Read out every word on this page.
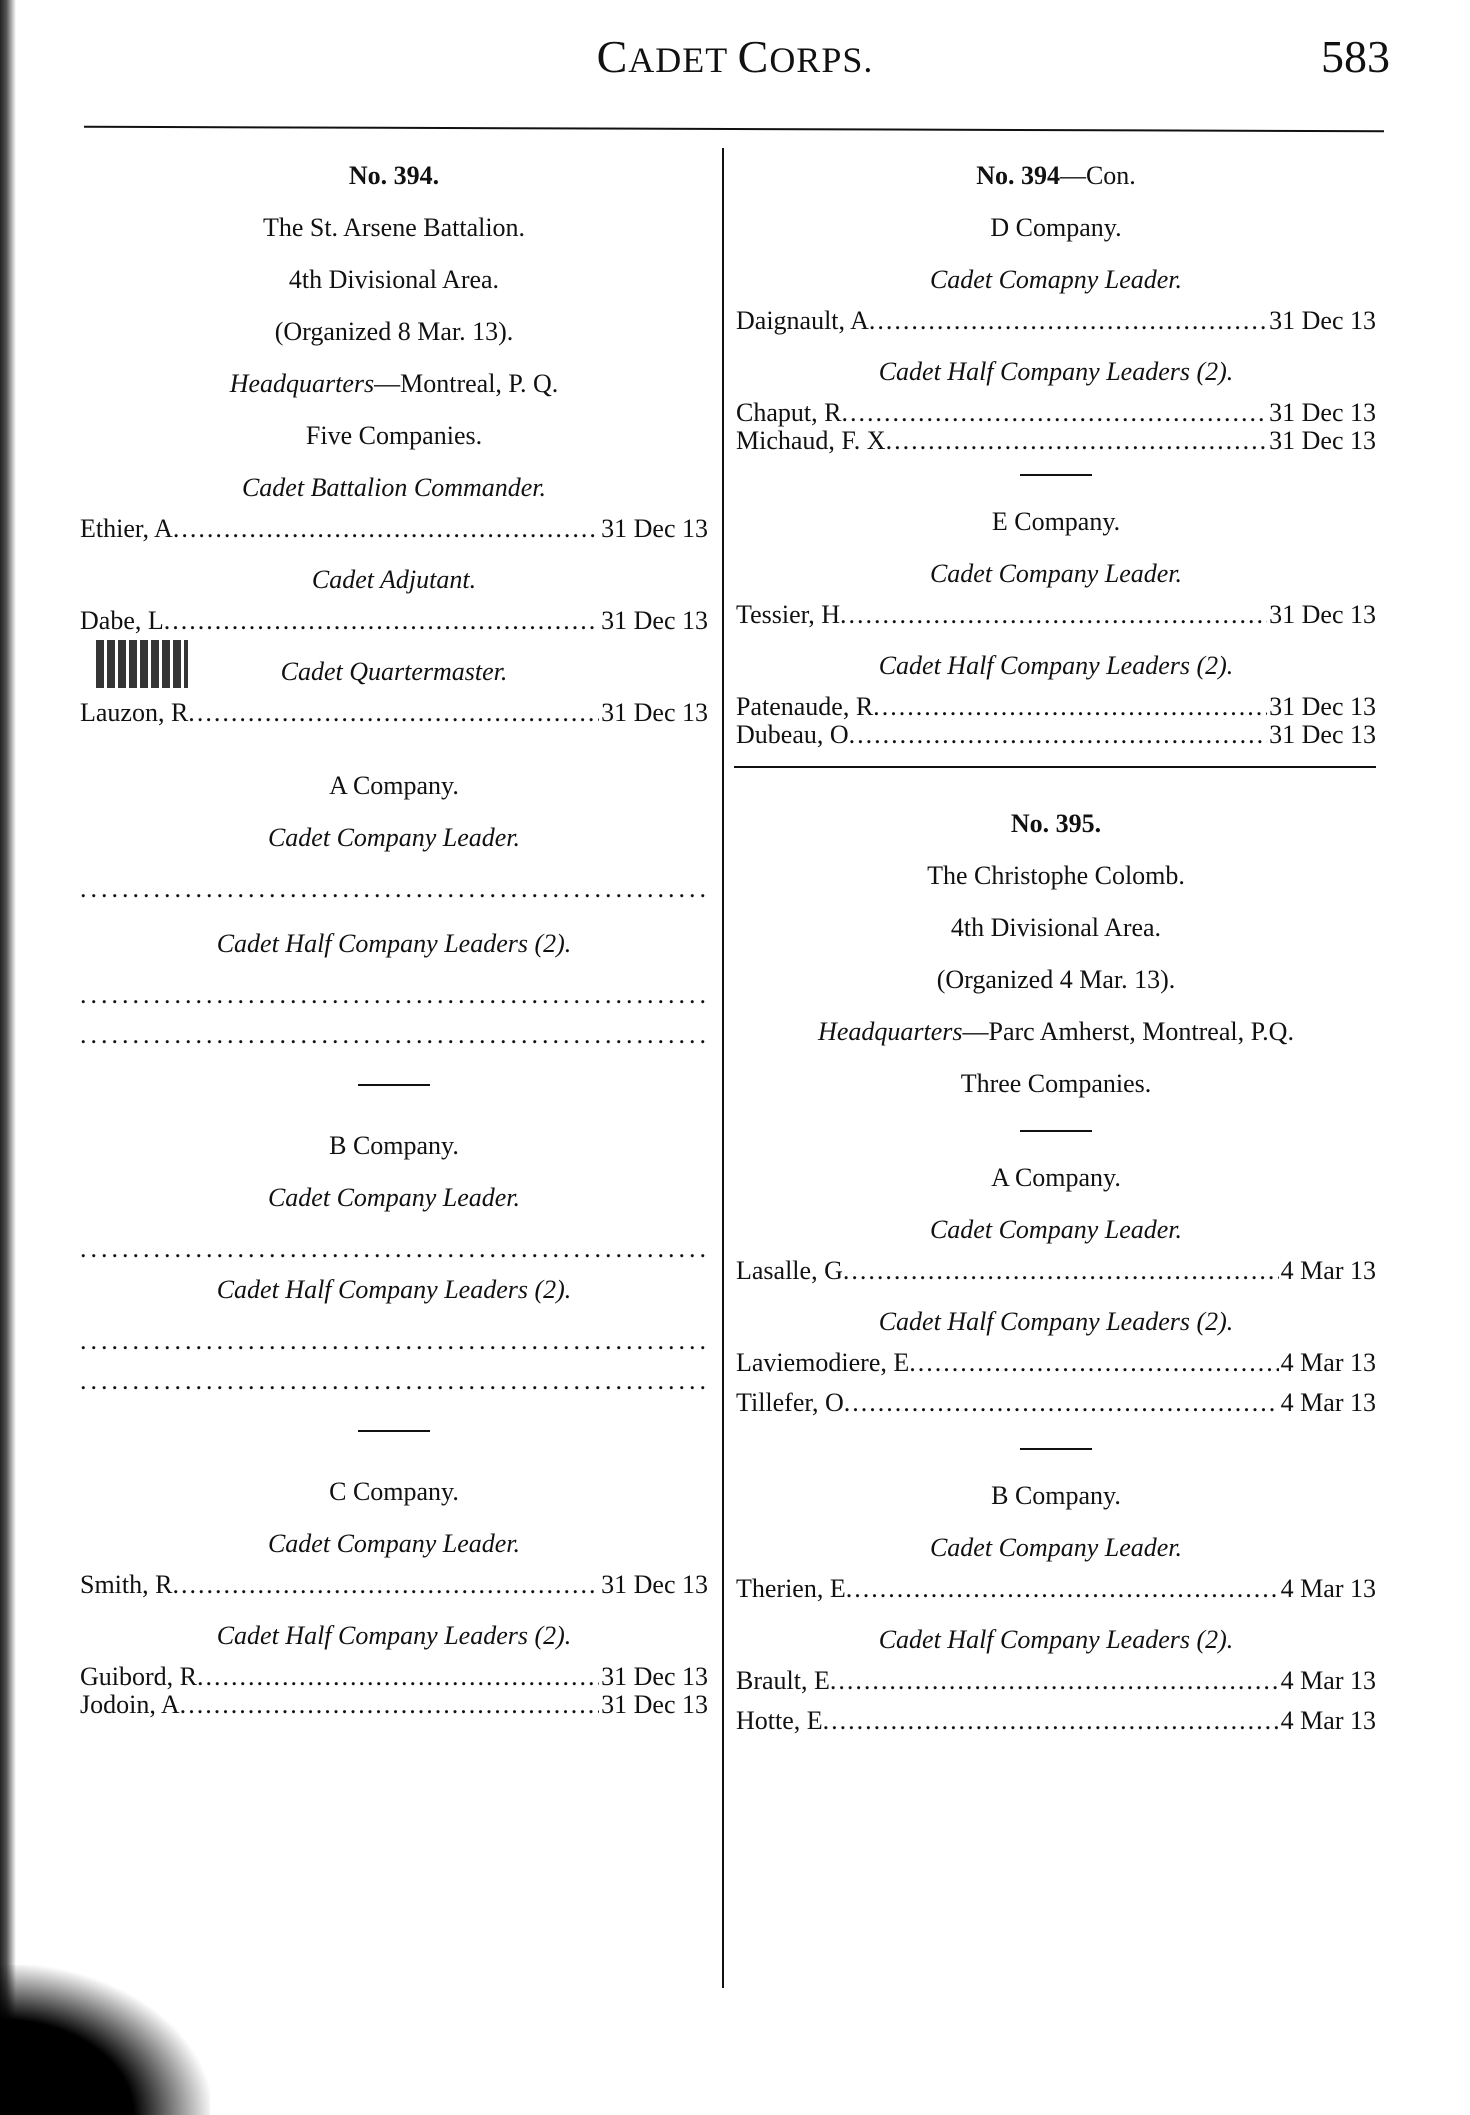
CADET CORPS.	583
No. 394.
The St. Arsene Battalion.
4th Divisional Area.
(Organized 8 Mar. 13).
Headquarters—Montreal, P. Q.
Five Companies.
Cadet Battalion Commander.
Ethier, A. .....	31 Dec 13
Cadet Adjutant.
Dabe, L. .....	31 Dec 13
Cadet Quartermaster.
Lauzon, R. .....	31 Dec 13
A Company.
Cadet Company Leader.
.....
Cadet Half Company Leaders (2).
.....
.....
B Company.
Cadet Company Leader.
.....
Cadet Half Company Leaders (2).
.....
.....
C Company.
Cadet Company Leader.
Smith, R. .....	31 Dec 13
Cadet Half Company Leaders (2).
Guibord, R. .....	31 Dec 13
Jodoin, A. .....	31 Dec 13
No. 394—Con.
D Company.
Cadet Comapny Leader.
Daignault, A. .....	31 Dec 13
Cadet Half Company Leaders (2).
Chaput, R. .....	31 Dec 13
Michaud, F. X. .....	31 Dec 13
E Company.
Cadet Company Leader.
Tessier, H. .....	31 Dec 13
Cadet Half Company Leaders (2).
Patenaude, R. .....	31 Dec 13
Dubeau, O. .....	31 Dec 13
No. 395.
The Christophe Colomb.
4th Divisional Area.
(Organized 4 Mar. 13).
Headquarters—Parc Amherst, Montreal, P.Q.
Three Companies.
A Company.
Cadet Company Leader.
Lasalle, G. .....	4 Mar 13
Cadet Half Company Leaders (2).
Laviemodiere, E. .....	4 Mar 13
Tillefer, O. .....	4 Mar 13
B Company.
Cadet Company Leader.
Therien, E. .....	4 Mar 13
Cadet Half Company Leaders (2).
Brault, E. .....	4 Mar 13
Hotte, E. .....	4 Mar 13
